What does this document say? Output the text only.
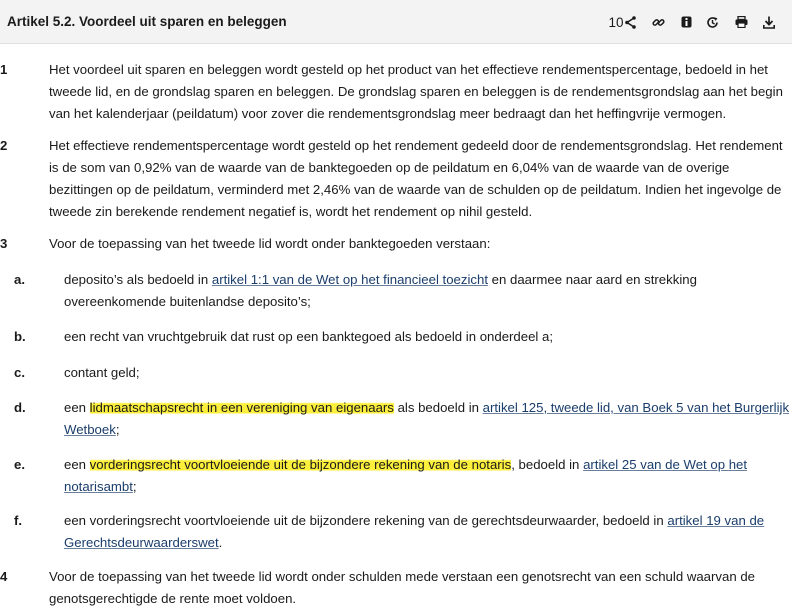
Artikel 5.2. Voordeel uit sparen en beleggen	10
1	Het voordeel uit sparen en beleggen wordt gesteld op het product van het effectieve rendementspercentage, bedoeld in het tweede lid, en de grondslag sparen en beleggen. De grondslag sparen en beleggen is de rendementsgrondslag aan het begin van het kalenderjaar (peildatum) voor zover die rendementsgrondslag meer bedraagt dan het heffingvrije vermogen.
2	Het effectieve rendementspercentage wordt gesteld op het rendement gedeeld door de rendementsgrondslag. Het rendement is de som van 0,92% van de waarde van de banktegoeden op de peildatum en 6,04% van de waarde van de overige bezittingen op de peildatum, verminderd met 2,46% van de waarde van de schulden op de peildatum. Indien het ingevolge de tweede zin berekende rendement negatief is, wordt het rendement op nihil gesteld.
3	Voor de toepassing van het tweede lid wordt onder banktegoeden verstaan:
a.	deposito’s als bedoeld in artikel 1:1 van de Wet op het financieel toezicht en daarmee naar aard en strekking overeenkomende buitenlandse deposito’s;
b.	een recht van vruchtgebruik dat rust op een banktegoed als bedoeld in onderdeel a;
c.	contant geld;
d.	een lidmaatschapsrecht in een vereniging van eigenaars als bedoeld in artikel 125, tweede lid, van Boek 5 van het Burgerlijk Wetboek;
e.	een vorderingsrecht voortvloeiende uit de bijzondere rekening van de notaris, bedoeld in artikel 25 van de Wet op het notarisambt;
f.	een vorderingsrecht voortvloeiende uit de bijzondere rekening van de gerechtsdeurwaarder, bedoeld in artikel 19 van de Gerechtsdeurwaarderswet.
4	Voor de toepassing van het tweede lid wordt onder schulden mede verstaan een genotsrecht van een schuld waarvan de genotsgerechtigde de rente moet voldoen.
